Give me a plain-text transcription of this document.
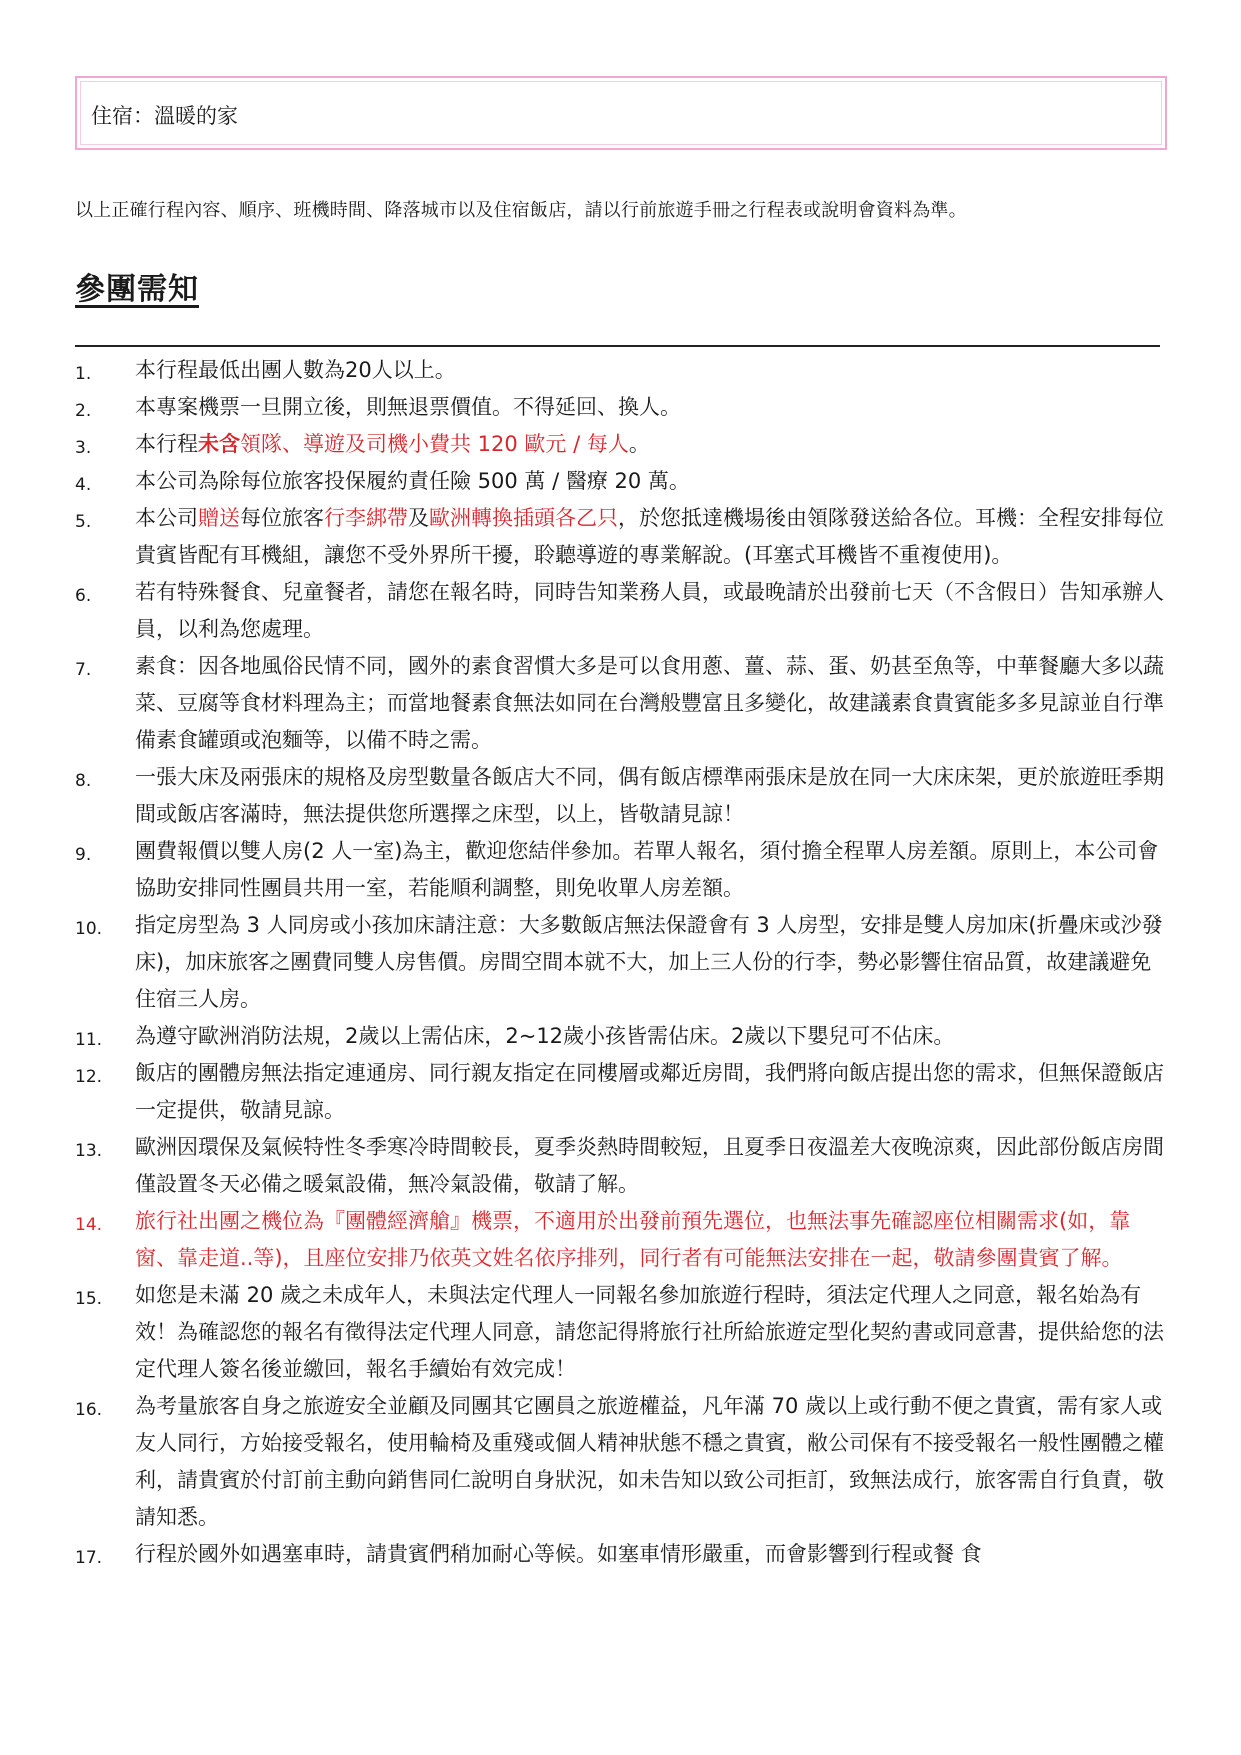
住宿：溫暖的家
以上正確行程內容、順序、班機時間、降落城市以及住宿飯店，請以行前旅遊手冊之行程表或說明會資料為準。
參團需知
1.	本行程最低出團人數為20人以上。
2.	本專案機票一旦開立後，則無退票價值。不得延回、換人。
3.	本行程未含領隊、導遊及司機小費共 120 歐元 / 每人。
4.	本公司為除每位旅客投保履約責任險 500 萬 / 醫療 20 萬。
5.	本公司贈送每位旅客行李綁帶及歐洲轉換插頭各乙只，於您抵達機場後由領隊發送給各位。耳機：全程安排每位貴賓皆配有耳機組，讓您不受外界所干擾，聆聽導遊的專業解說。(耳塞式耳機皆不重複使用)。
6.	若有特殊餐食、兒童餐者，請您在報名時，同時告知業務人員，或最晚請於出發前七天（不含假日）告知承辦人員，以利為您處理。
7.	素食：因各地風俗民情不同，國外的素食習慣大多是可以食用蔥、薑、蒜、蛋、奶甚至魚等，中華餐廳大多以蔬菜、豆腐等食材料理為主；而當地餐素食無法如同在台灣般豐富且多變化，故建議素食貴賓能多多見諒並自行準備素食罐頭或泡麵等，以備不時之需。
8.	一張大床及兩張床的規格及房型數量各飯店大不同，偶有飯店標準兩張床是放在同一大床床架，更於旅遊旺季期間或飯店客滿時，無法提供您所選擇之床型，以上，皆敬請見諒！
9.	團費報價以雙人房(2 人一室)為主，歡迎您結伴參加。若單人報名，須付擔全程單人房差額。原則上，本公司會協助安排同性團員共用一室，若能順利調整，則免收單人房差額。
10.	指定房型為 3 人同房或小孩加床請注意：大多數飯店無法保證會有 3 人房型，安排是雙人房加床(折疊床或沙發床)，加床旅客之團費同雙人房售價。房間空間本就不大，加上三人份的行李，勢必影響住宿品質，故建議避免住宿三人房。
11.	為遵守歐洲消防法規，2歲以上需佔床，2~12歲小孩皆需佔床。2歲以下嬰兒可不佔床。
12.	飯店的團體房無法指定連通房、同行親友指定在同樓層或鄰近房間，我們將向飯店提出您的需求，但無保證飯店一定提供，敬請見諒。
13.	歐洲因環保及氣候特性冬季寒冷時間較長，夏季炎熱時間較短，且夏季日夜溫差大夜晚涼爽，因此部份飯店房間僅設置冬天必備之暖氣設備，無冷氣設備，敬請了解。
14.	旅行社出團之機位為『團體經濟艙』機票，不適用於出發前預先選位，也無法事先確認座位相關需求(如，靠窗、靠走道..等)，且座位安排乃依英文姓名依序排列，同行者有可能無法安排在一起，敬請參團貴賓了解。
15.	如您是未滿 20 歲之未成年人，未與法定代理人一同報名參加旅遊行程時，須法定代理人之同意，報名始為有效！為確認您的報名有徵得法定代理人同意，請您記得將旅行社所給旅遊定型化契約書或同意書，提供給您的法定代理人簽名後並繳回，報名手續始有效完成！
16.	為考量旅客自身之旅遊安全並顧及同團其它團員之旅遊權益，凡年滿 70 歲以上或行動不便之貴賓，需有家人或友人同行，方始接受報名，使用輪椅及重殘或個人精神狀態不穩之貴賓，敝公司保有不接受報名一般性團體之權利，請貴賓於付訂前主動向銷售同仁說明自身狀況，如未告知以致公司拒訂，致無法成行，旅客需自行負責，敬請知悉。
17.	行程於國外如遇塞車時，請貴賓們稍加耐心等候。如塞車情形嚴重，而會影響到行程或餐 食
